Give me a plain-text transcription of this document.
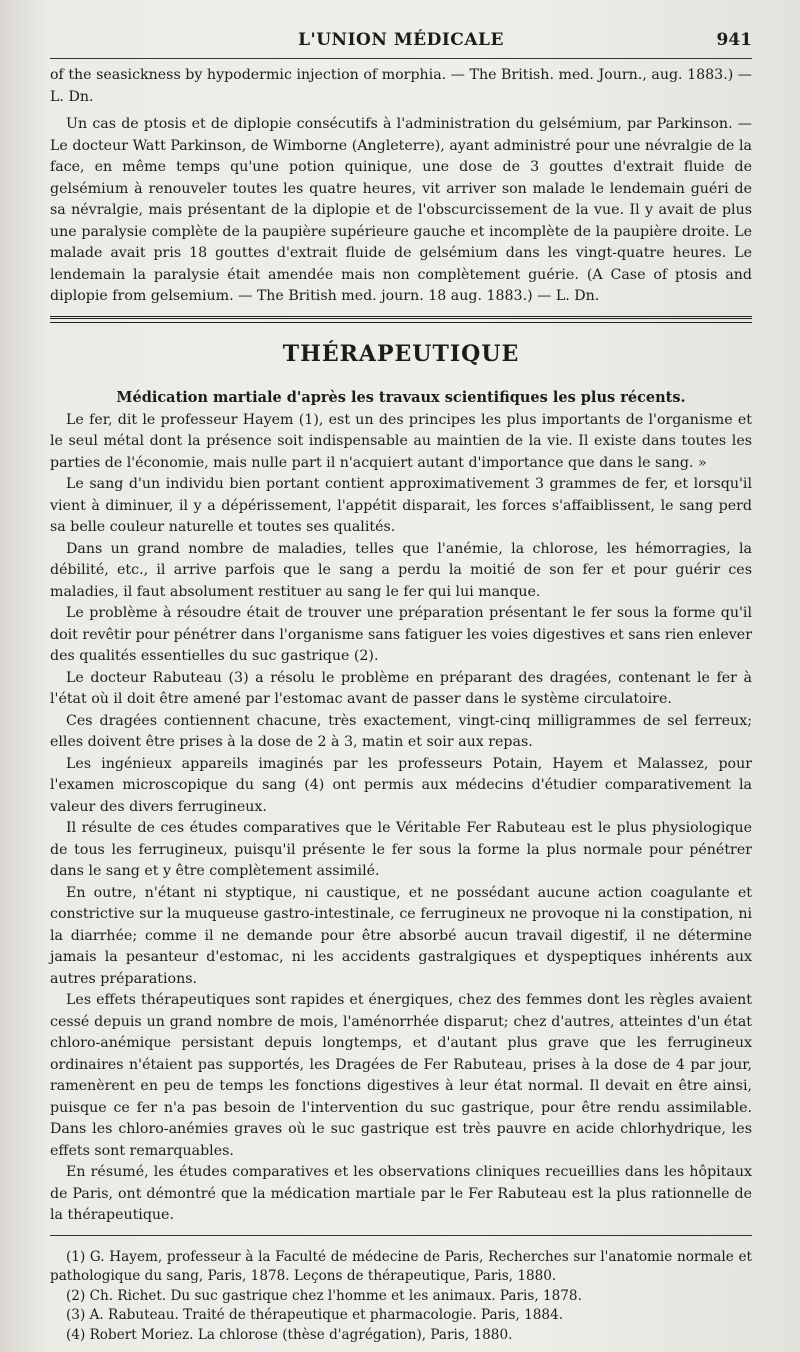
L'UNION MÉDICALE	941

of the seasickness by hypodermic injection of morphia. — The British. med. Journ., aug. 1883.) — L. Dn.

Un cas de ptosis et de diplopie consécutifs à l'administration du gelsémium, par Parkinson. — Le docteur Watt Parkinson, de Wimborne (Angleterre), ayant administré pour une névralgie de la face, en même temps qu'une potion quinique, une dose de 3 gouttes d'extrait fluide de gelsémium à renouveler toutes les quatre heures, vit arriver son malade le lendemain guéri de sa névralgie, mais présentant de la diplopie et de l'obscurcissement de la vue. Il y avait de plus une paralysie complète de la paupière supérieure gauche et incomplète de la paupière droite. Le malade avait pris 18 gouttes d'extrait fluide de gelsémium dans les vingt-quatre heures. Le lendemain la paralysie était amendée mais non complètement guérie. (A Case of ptosis and diplopie from gelsemium. — The British med. journ. 18 aug. 1883.) — L. Dn.

THÉRAPEUTIQUE
Médication martiale d'après les travaux scientifiques les plus récents.

Le fer, dit le professeur Hayem (1), est un des principes les plus importants de l'organisme et le seul métal dont la présence soit indispensable au maintien de la vie. Il existe dans toutes les parties de l'économie, mais nulle part il n'acquiert autant d'importance que dans le sang. »

Le sang d'un individu bien portant contient approximativement 3 grammes de fer, et lorsqu'il vient à diminuer, il y a dépérissement, l'appétit disparait, les forces s'affaiblissent, le sang perd sa belle couleur naturelle et toutes ses qualités.

Dans un grand nombre de maladies, telles que l'anémie, la chlorose, les hémorragies, la débilité, etc., il arrive parfois que le sang a perdu la moitié de son fer et pour guérir ces maladies, il faut absolument restituer au sang le fer qui lui manque.

Le problème à résoudre était de trouver une préparation présentant le fer sous la forme qu'il doit revêtir pour pénétrer dans l'organisme sans fatiguer les voies digestives et sans rien enlever des qualités essentielles du suc gastrique (2).

Le docteur Rabuteau (3) a résolu le problème en préparant des dragées, contenant le fer à l'état où il doit être amené par l'estomac avant de passer dans le système circulatoire.

Ces dragées contiennent chacune, très exactement, vingt-cinq milligrammes de sel ferreux; elles doivent être prises à la dose de 2 à 3, matin et soir aux repas.

Les ingénieux appareils imaginés par les professeurs Potain, Hayem et Malassez, pour l'examen microscopique du sang (4) ont permis aux médecins d'étudier comparativement la valeur des divers ferrugineux.

Il résulte de ces études comparatives que le Véritable Fer Rabuteau est le plus physiologique de tous les ferrugineux, puisqu'il présente le fer sous la forme la plus normale pour pénétrer dans le sang et y être complètement assimilé.

En outre, n'étant ni styptique, ni caustique, et ne possédant aucune action coagulante et constrictive sur la muqueuse gastro-intestinale, ce ferrugineux ne provoque ni la constipation, ni la diarrhée; comme il ne demande pour être absorbé aucun travail digestif, il ne détermine jamais la pesanteur d'estomac, ni les accidents gastralgiques et dyspeptiques inhérents aux autres préparations.

Les effets thérapeutiques sont rapides et énergiques, chez des femmes dont les règles avaient cessé depuis un grand nombre de mois, l'aménorrhée disparut; chez d'autres, atteintes d'un état chloro-anémique persistant depuis longtemps, et d'autant plus grave que les ferrugineux ordinaires n'étaient pas supportés, les Dragées de Fer Rabuteau, prises à la dose de 4 par jour, ramenèrent en peu de temps les fonctions digestives à leur état normal. Il devait en être ainsi, puisque ce fer n'a pas besoin de l'intervention du suc gastrique, pour être rendu assimilable. Dans les chloro-anémies graves où le suc gastrique est très pauvre en acide chlorhydrique, les effets sont remarquables.

En résumé, les études comparatives et les observations cliniques recueillies dans les hôpitaux de Paris, ont démontré que la médication martiale par le Fer Rabuteau est la plus rationnelle de la thérapeutique.

(1) G. Hayem, professeur à la Faculté de médecine de Paris, Recherches sur l'anatomie normale et pathologique du sang, Paris, 1878. Leçons de thérapeutique, Paris, 1880.

(2) Ch. Richet. Du suc gastrique chez l'homme et les animaux. Paris, 1878.

(3) A. Rabuteau. Traité de thérapeutique et pharmacologie. Paris, 1884.

(4) Robert Moriez. La chlorose (thèse d'agrégation), Paris, 1880.
